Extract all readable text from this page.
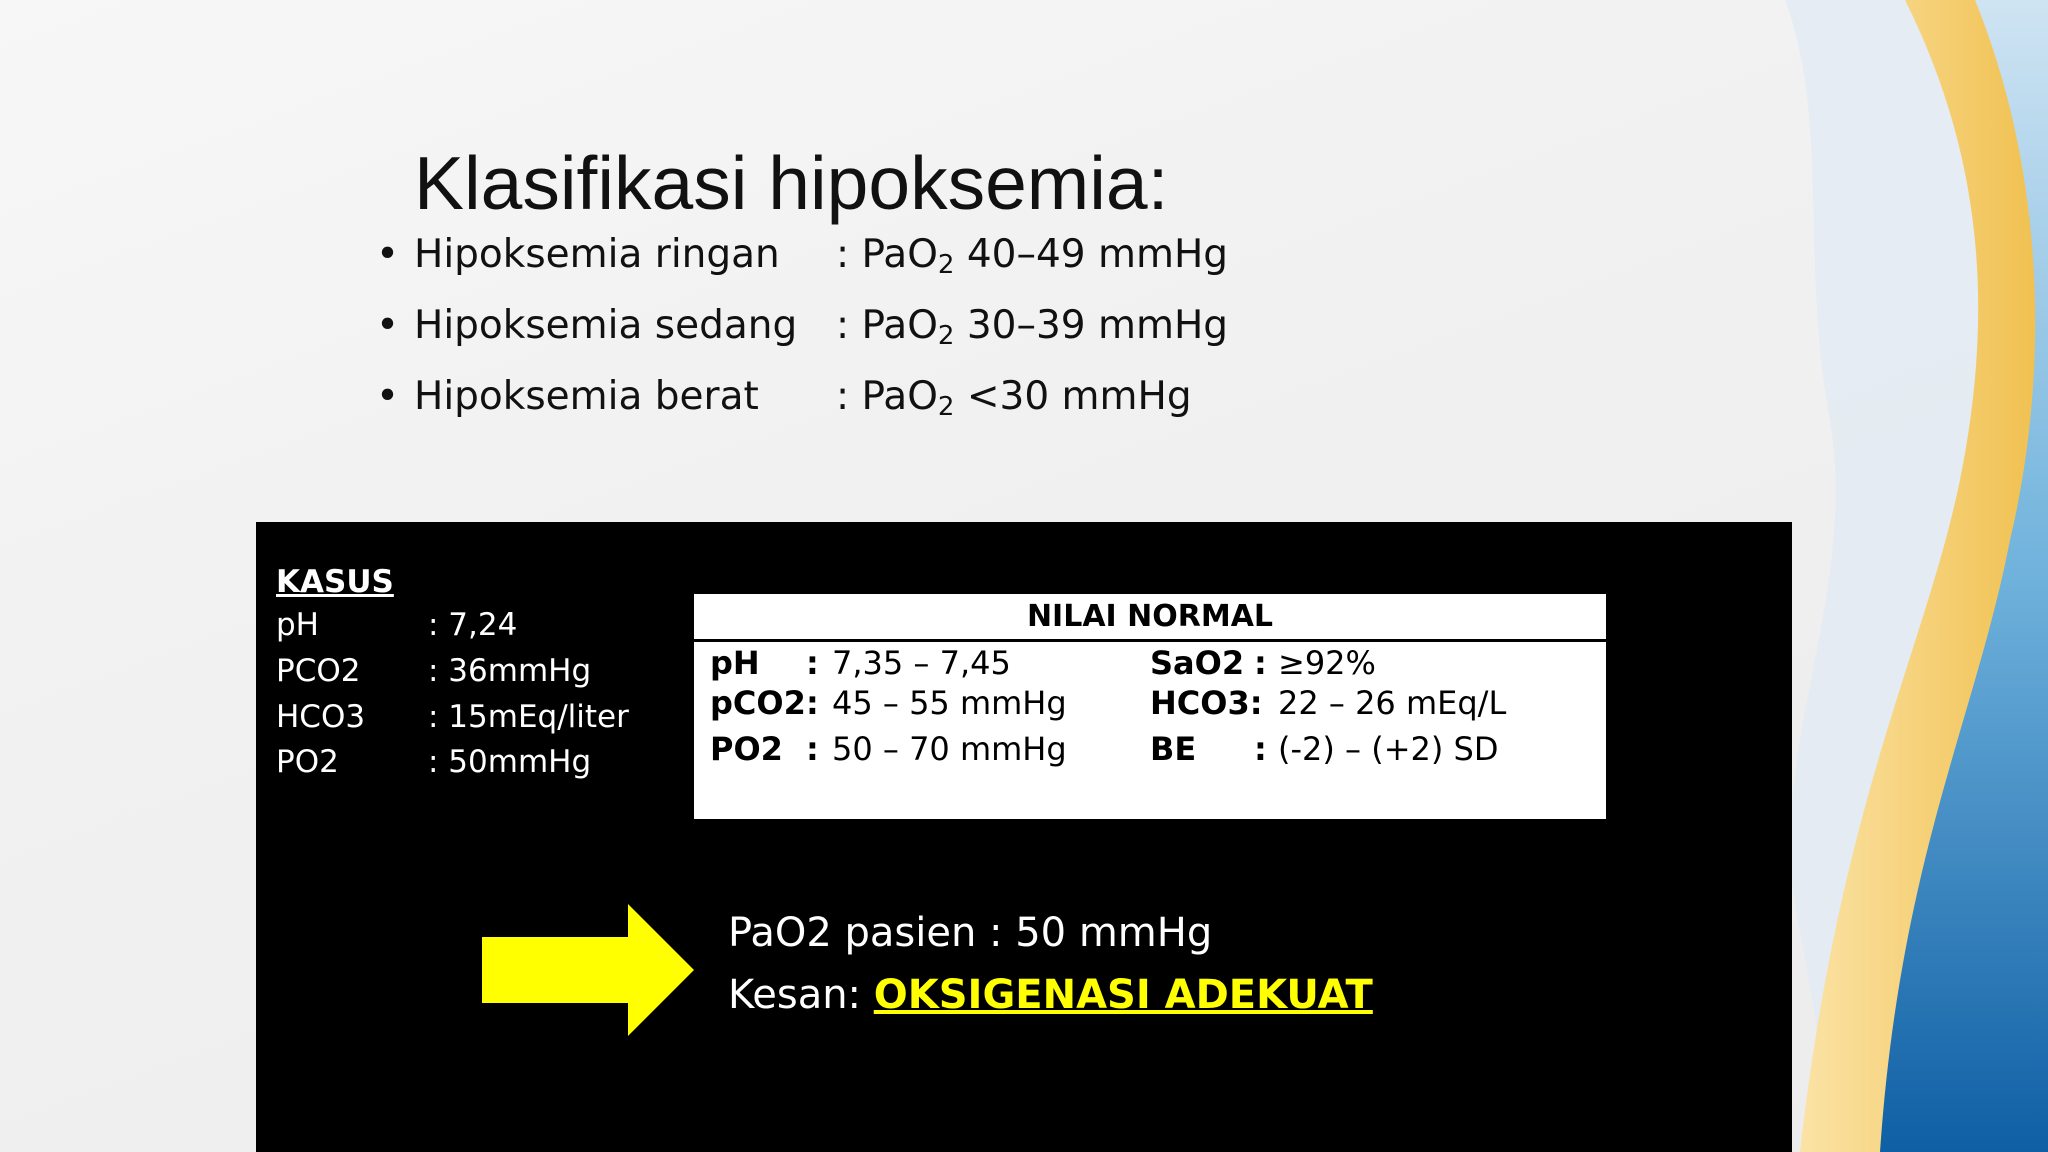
Klasifikasi hipoksemia:
• Hipoksemia ringan : PaO$_2$ 40–49 mmHg
• Hipoksemia sedang : PaO$_2$ 30–39 mmHg
• Hipoksemia berat : PaO$_2$ <30 mmHg
KASUS
pH	: 7,24
PCO2 : 36mmHg
HCO3 : 15mEq/liter
PO2	: 50mmHg
NILAI NORMAL
pH : 7,35 – 7,45
pCO2 : 45 – 55 mmHg
PO2 : 50 – 70 mmHg
SaO2 : ≥92%
HCO3: 22 – 26 mEq/L
BE : (-2) – (+2) SD
PaO2 pasien : 50 mmHg
Kesan: OKSIGENASI ADEKUAT
